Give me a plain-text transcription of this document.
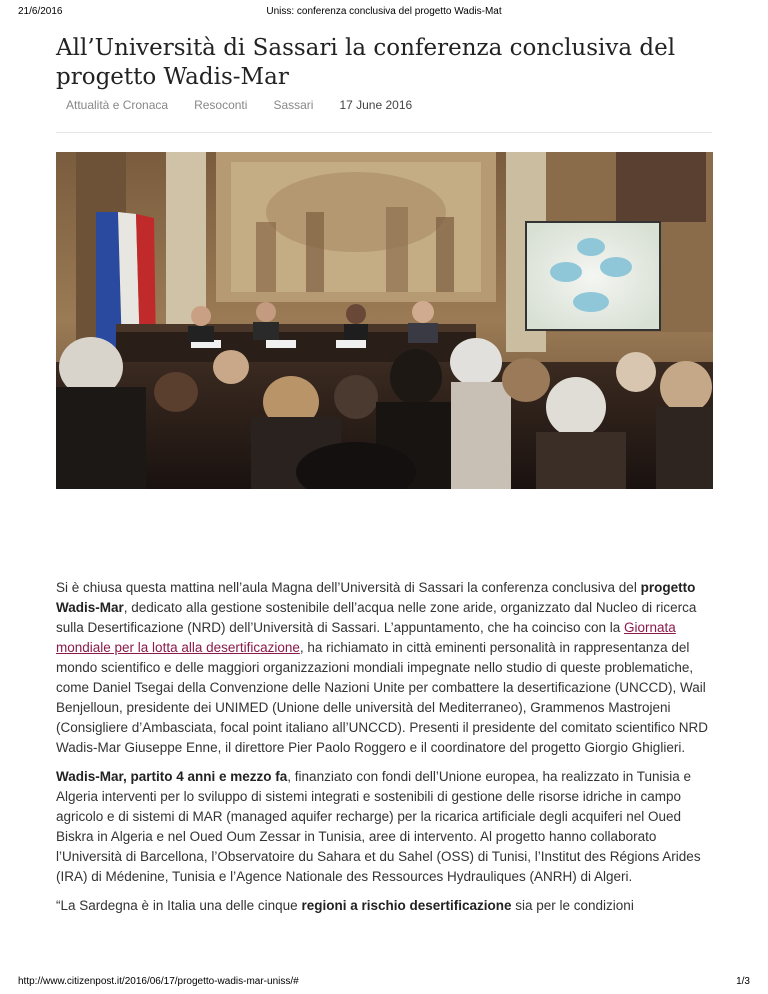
21/6/2016	Uniss: conferenza conclusiva del progetto Wadis-Mat
All’Università di Sassari la conferenza conclusiva del progetto Wadis-Mar
Attualità e Cronaca Resoconti Sassari 17 June 2016

Si è chiusa questa mattina nell’aula Magna dell’Università di Sassari la conferenza conclusiva del progetto Wadis-Mar, dedicato alla gestione sostenibile dell’acqua nelle zone aride, organizzato dal Nucleo di ricerca sulla Desertificazione (NRD) dell’Università di Sassari. L’appuntamento, che ha coinciso con la Giornata mondiale per la lotta alla desertificazione, ha richiamato in città eminenti personalità in rappresentanza del mondo scientifico e delle maggiori organizzazioni mondiali impegnate nello studio di queste problematiche, come Daniel Tsegai della Convenzione delle Nazioni Unite per combattere la desertificazione (UNCCD), Wail Benjelloun, presidente dei UNIMED (Unione delle università del Mediterraneo), Grammenos Mastrojeni (Consigliere d’Ambasciata, focal point italiano all’UNCCD). Presenti il presidente del comitato scientifico NRD Wadis-Mar Giuseppe Enne, il direttore Pier Paolo Roggero e il coordinatore del progetto Giorgio Ghiglieri.

Wadis-Mar, partito 4 anni e mezzo fa, finanziato con fondi dell’Unione europea, ha realizzato in Tunisia e Algeria interventi per lo sviluppo di sistemi integrati e sostenibili di gestione delle risorse idriche in campo agricolo e di sistemi di MAR (managed aquifer recharge) per la ricarica artificiale degli acquiferi nel Oued Biskra in Algeria e nel Oued Oum Zessar in Tunisia, aree di intervento. Al progetto hanno collaborato l’Università di Barcellona, l’Observatoire du Sahara et du Sahel (OSS) di Tunisi, l’Institut des Régions Arides (IRA) di Médenine, Tunisia e l’Agence Nationale des Ressources Hydrauliques (ANRH) di Algeri.

“La Sardegna è in Italia una delle cinque regioni a rischio desertificazione sia per le condizioni

http://www.citizenpost.it/2016/06/17/progetto-wadis-mar-uniss/#	1/3
